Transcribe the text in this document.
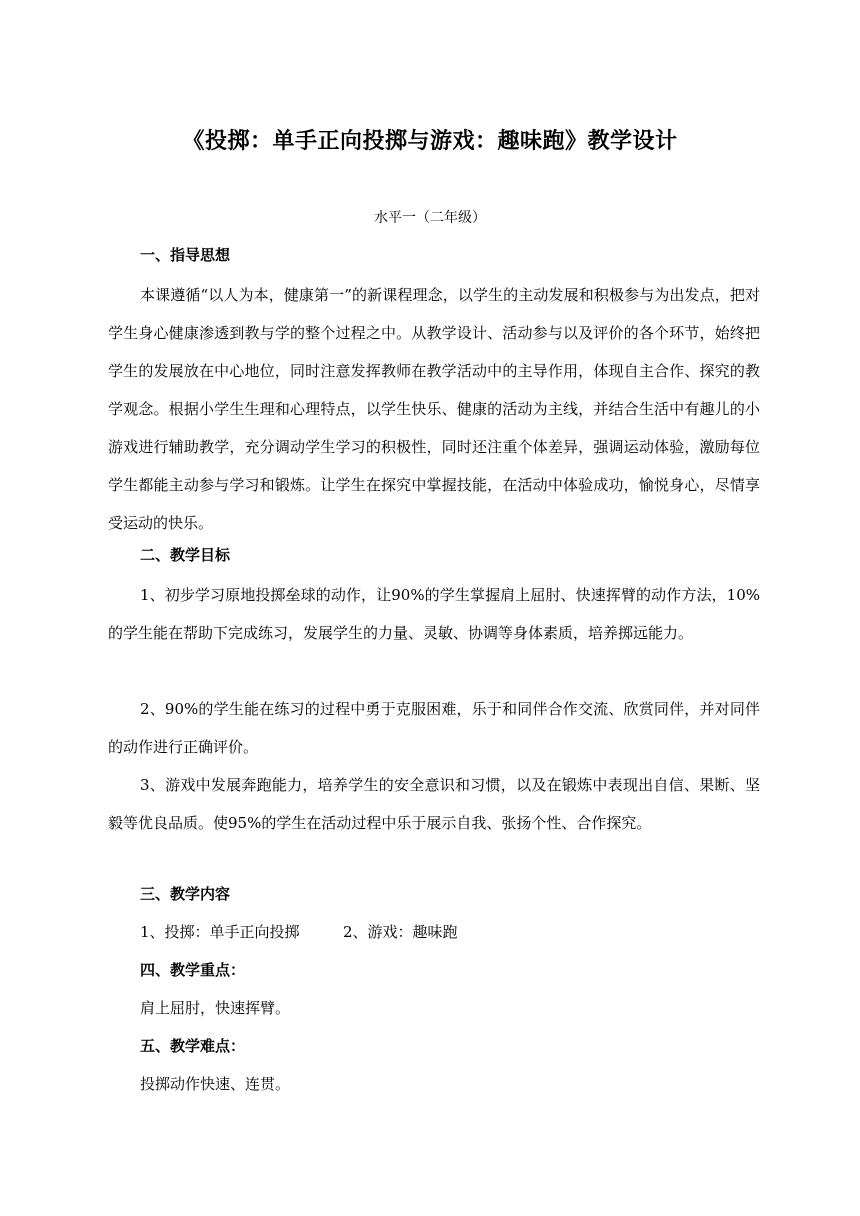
《投掷：单手正向投掷与游戏：趣味跑》教学设计
水平一（二年级）
一、指导思想
本课遵循“以人为本，健康第一”的新课程理念，以学生的主动发展和积极参与为出发点，把对学生身心健康渗透到教与学的整个过程之中。从教学设计、活动参与以及评价的各个环节，始终把学生的发展放在中心地位，同时注意发挥教师在教学活动中的主导作用，体现自主合作、探究的教学观念。根据小学生生理和心理特点，以学生快乐、健康的活动为主线，并结合生活中有趣儿的小游戏进行辅助教学，充分调动学生学习的积极性，同时还注重个体差异，强调运动体验，激励每位学生都能主动参与学习和锻炼。让学生在探究中掌握技能，在活动中体验成功，愉悦身心，尽情享受运动的快乐。
二、教学目标
1、初步学习原地投掷垒球的动作，让90%的学生掌握肩上屈肘、快速挥臂的动作方法，10%的学生能在帮助下完成练习，发展学生的力量、灵敏、协调等身体素质，培养掷远能力。
2、90%的学生能在练习的过程中勇于克服困难，乐于和同伴合作交流、欣赏同伴，并对同伴的动作进行正确评价。
3、游戏中发展奔跑能力，培养学生的安全意识和习惯，以及在锻炼中表现出自信、果断、坚毅等优良品质。使95%的学生在活动过程中乐于展示自我、张扬个性、合作探究。
三、教学内容
1、投掷：单手正向投掷	2、游戏：趣味跑
四、教学重点：
肩上屈肘，快速挥臂。
五、教学难点：
投掷动作快速、连贯。
